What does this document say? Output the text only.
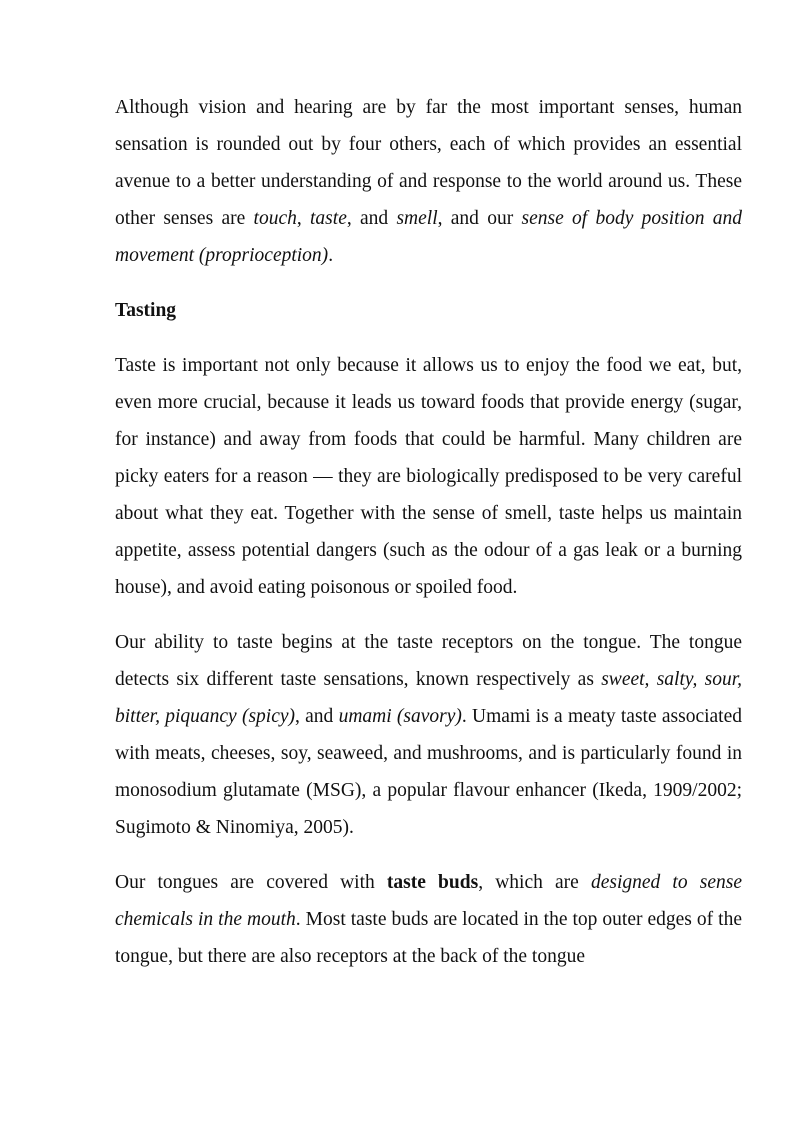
Although vision and hearing are by far the most important senses, human sensation is rounded out by four others, each of which provides an essential avenue to a better understanding of and response to the world around us. These other senses are touch, taste, and smell, and our sense of body position and movement (proprioception).

Tasting

Taste is important not only because it allows us to enjoy the food we eat, but, even more crucial, because it leads us toward foods that provide energy (sugar, for instance) and away from foods that could be harmful. Many children are picky eaters for a reason — they are biologically predisposed to be very careful about what they eat. Together with the sense of smell, taste helps us maintain appetite, assess potential dangers (such as the odour of a gas leak or a burning house), and avoid eating poisonous or spoiled food.

Our ability to taste begins at the taste receptors on the tongue. The tongue detects six different taste sensations, known respectively as sweet, salty, sour, bitter, piquancy (spicy), and umami (savory). Umami is a meaty taste associated with meats, cheeses, soy, seaweed, and mushrooms, and is particularly found in monosodium glutamate (MSG), a popular flavour enhancer (Ikeda, 1909/2002; Sugimoto & Ninomiya, 2005).

Our tongues are covered with taste buds, which are designed to sense chemicals in the mouth. Most taste buds are located in the top outer edges of the tongue, but there are also receptors at the back of the tongue
